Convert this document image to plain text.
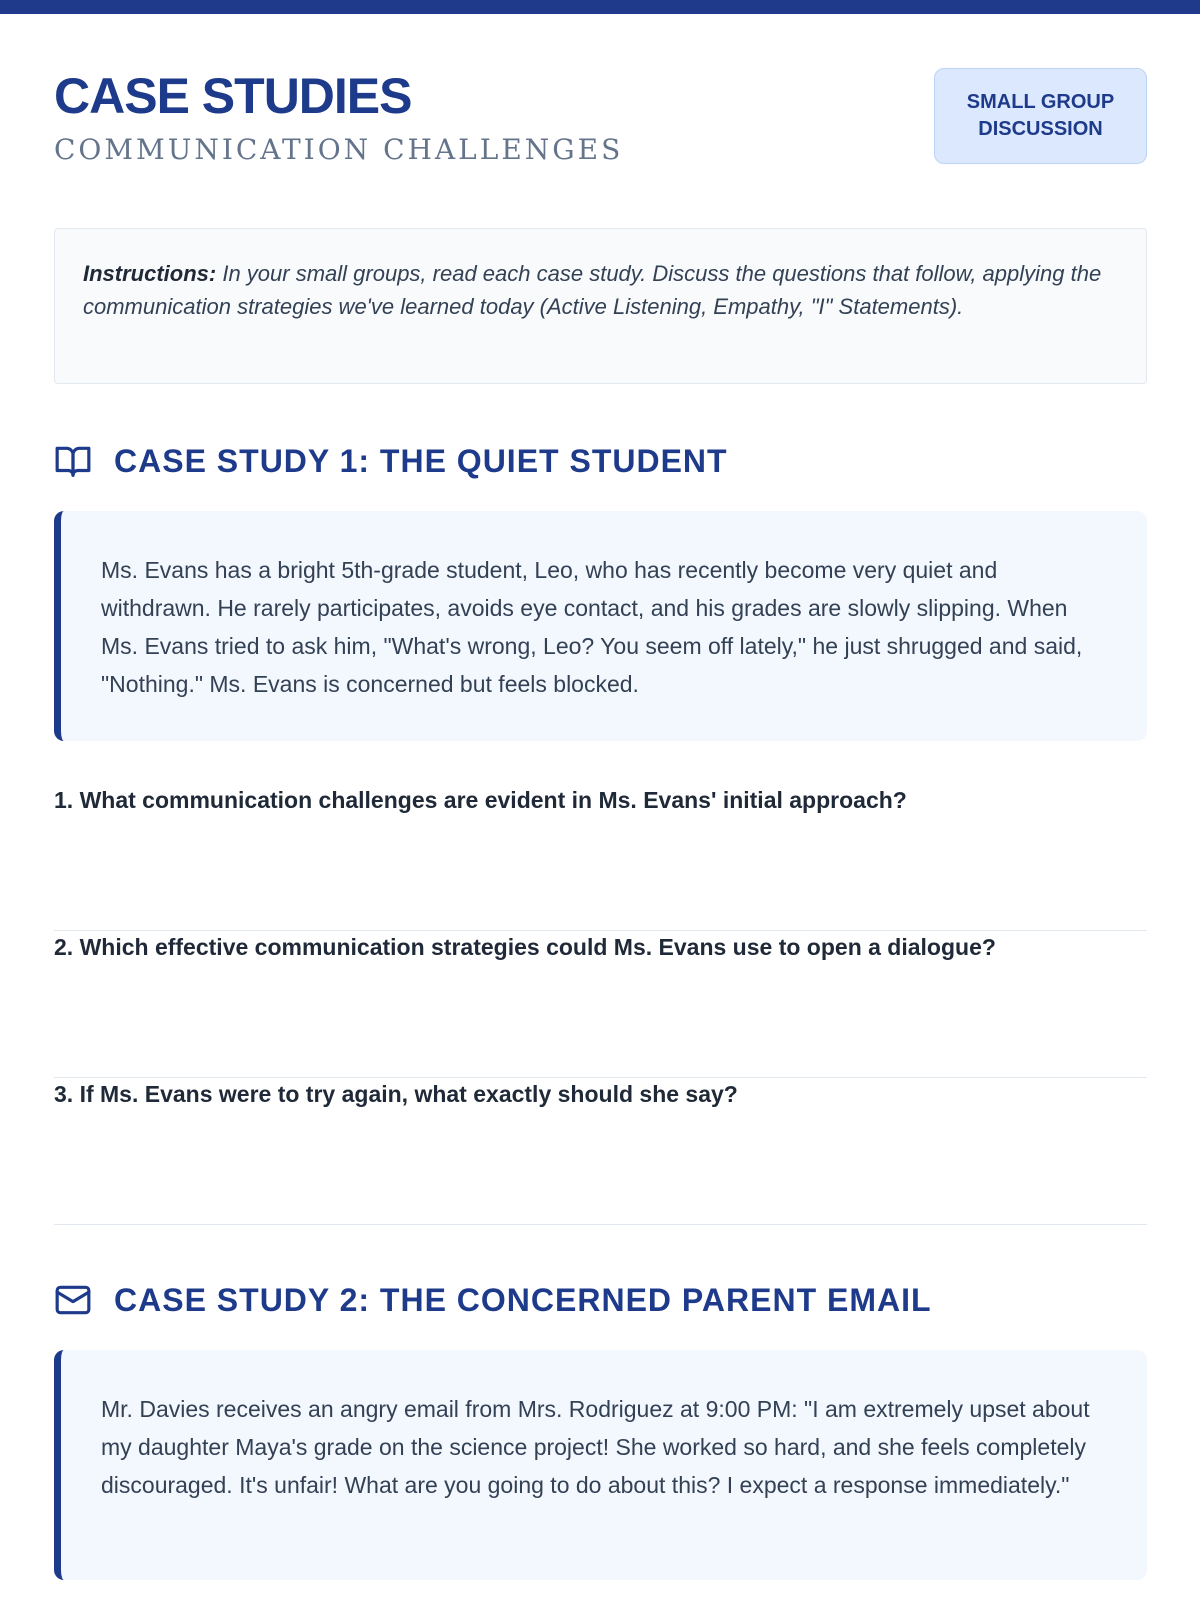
CASE STUDIES
COMMUNICATION CHALLENGES
SMALL GROUP DISCUSSION
Instructions: In your small groups, read each case study. Discuss the questions that follow, applying the communication strategies we've learned today (Active Listening, Empathy, "I" Statements).
CASE STUDY 1: THE QUIET STUDENT
Ms. Evans has a bright 5th-grade student, Leo, who has recently become very quiet and withdrawn. He rarely participates, avoids eye contact, and his grades are slowly slipping. When Ms. Evans tried to ask him, "What's wrong, Leo? You seem off lately," he just shrugged and said, "Nothing." Ms. Evans is concerned but feels blocked.
1. What communication challenges are evident in Ms. Evans' initial approach?
2. Which effective communication strategies could Ms. Evans use to open a dialogue?
3. If Ms. Evans were to try again, what exactly should she say?
CASE STUDY 2: THE CONCERNED PARENT EMAIL
Mr. Davies receives an angry email from Mrs. Rodriguez at 9:00 PM: "I am extremely upset about my daughter Maya's grade on the science project! She worked so hard, and she feels completely discouraged. It's unfair! What are you going to do about this? I expect a response immediately."
